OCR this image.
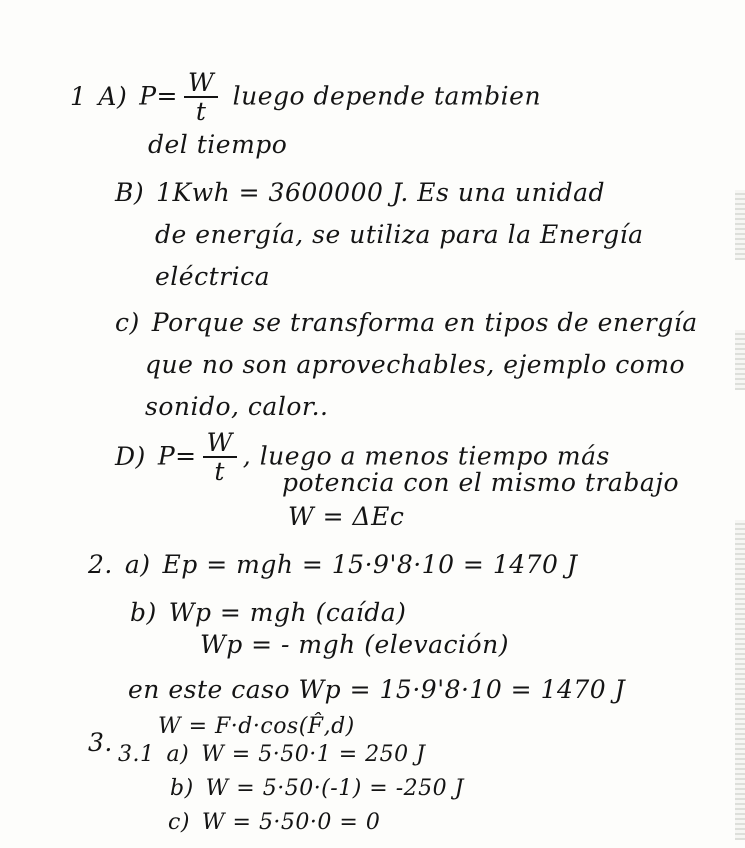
1 A) $P= \frac{W}{t}$ luego depende tambien
del tiempo
B) 1Kwh = 3600000 J. Es una unidad
de energía, se utiliza para la Energía
eléctrica
c) Porque se transforma en tipos de energía
que no son aprovechables, ejemplo como
sonido, calor..
D) $P= \frac{W}{t}$ , luego a menos tiempo más
potencia con el mismo trabajo
W = ΔEc
2. a) Ep = mgh = 15·9'8·10 = 1470 J
b) Wp = mgh (caída)
Wp = - mgh (elevación)
en este caso Wp = 15·9'8·10 = 1470 J
3.
W = F·d·cos(F̂,d)
3.1 a) W = 5·50·1 = 250 J
b) W = 5·50·(-1) = -250 J
c) W = 5·50·0 = 0
